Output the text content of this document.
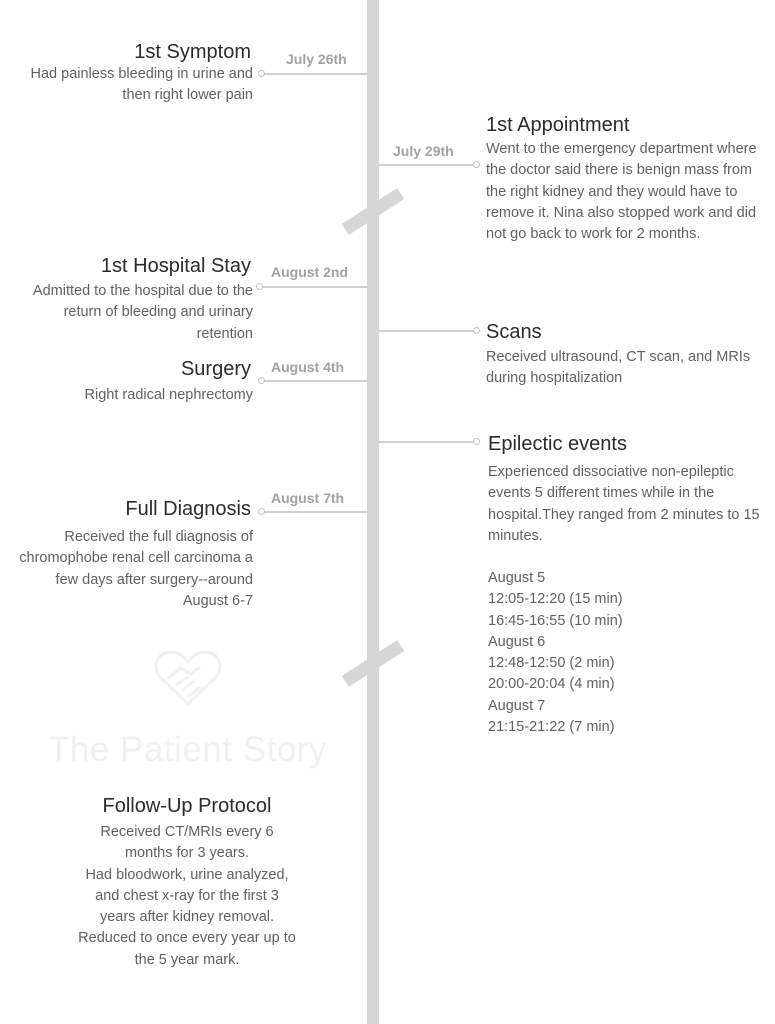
The Patient Story
1st Symptom
Had painless bleeding in urine and then right lower pain
July 26th
1st Appointment
Went to the emergency department where the doctor said there is benign mass from the right kidney and they would have to remove it. Nina also stopped work and did not go back to work for 2 months.
July 29th
1st Hospital Stay
Admitted to the hospital due to the return of bleeding and urinary retention
August 2nd
Scans
Received ultrasound, CT scan, and MRIs during hospitalization
Surgery
Right radical nephrectomy
August 4th
Epilectic events
Experienced dissociative non-epileptic events 5 different times while in the hospital.They ranged from 2 minutes to 15 minutes.
August 5
12:05-12:20 (15 min)
16:45-16:55 (10 min)
August 6
12:48-12:50 (2 min)
20:00-20:04 (4 min)
August 7
21:15-21:22 (7 min)
Full Diagnosis
Received the full diagnosis of chromophobe renal cell carcinoma a few days after surgery--around August 6-7
August 7th
Follow-Up Protocol
Received CT/MRIs every 6 months for 3 years.
Had bloodwork, urine analyzed, and chest x-ray for the first 3 years after kidney removal. Reduced to once every year up to the 5 year mark.
